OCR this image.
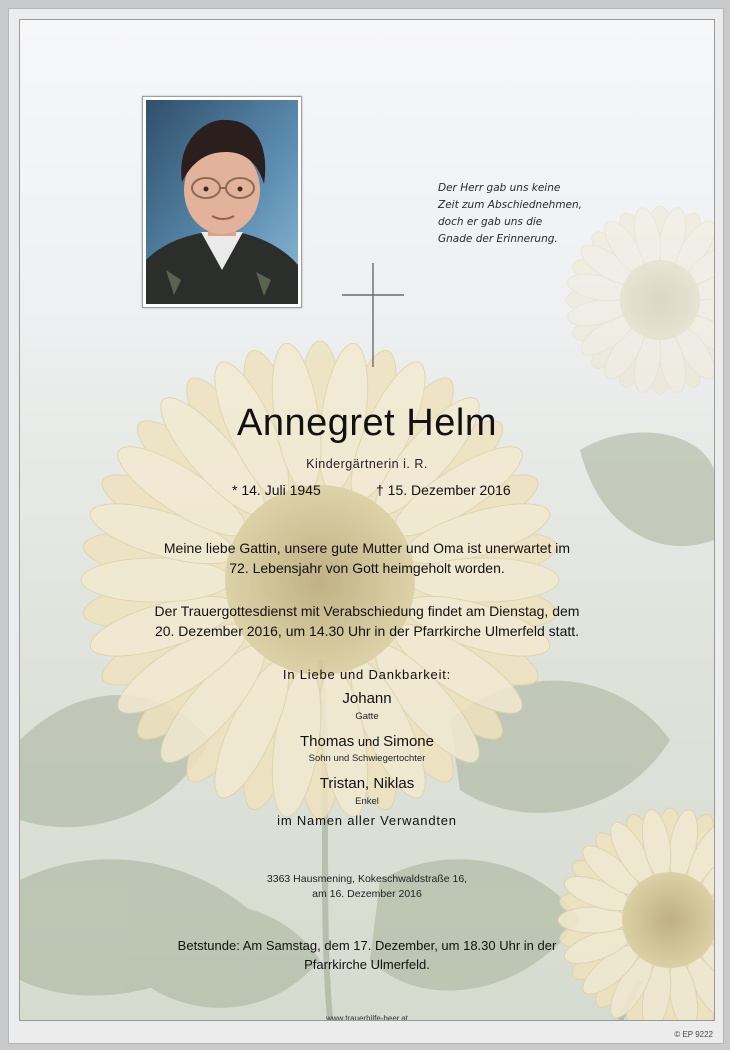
Der Herr gab uns keine
Zeit zum Abschiednehmen,
doch er gab uns die
Gnade der Erinnerung.
Annegret Helm
Kindergärtnerin i. R.
* 14. Juli 1945	† 15. Dezember 2016
Meine liebe Gattin, unsere gute Mutter und Oma ist unerwartet im
72. Lebensjahr von Gott heimgeholt worden.
Der Trauergottesdienst mit Verabschiedung findet am Dienstag, dem
20. Dezember 2016, um 14.30 Uhr in der Pfarrkirche Ulmerfeld statt.
In Liebe und Dankbarkeit:
Johann
Gatte
Thomas und Simone
Sohn und Schwiegertochter
Tristan, Niklas
Enkel
im Namen aller Verwandten
3363 Hausmening, Kokeschwaldstraße 16,
am 16. Dezember 2016
Betstunde: Am Samstag, dem 17. Dezember, um 18.30 Uhr in der
Pfarrkirche Ulmerfeld.
www.trauerhilfe-beer.at
© EP 9222
